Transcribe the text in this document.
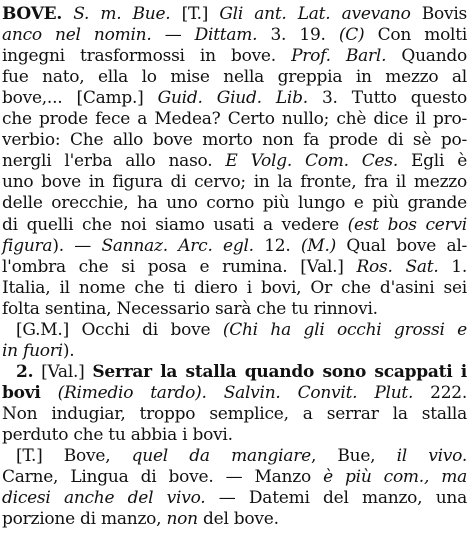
BOVE. S. m. Bue. [T.] Gli ant. Lat. avevano Bovis
anco nel nomin. — Dittam. 3. 19. (C) Con molti
ingegni trasformossi in bove. Prof. Barl. Quando
fue nato, ella lo mise nella greppia in mezzo al
bove,... [Camp.] Guid. Giud. Lib. 3. Tutto questo
che prode fece a Medea? Certo nullo; chè dice il pro-
verbio: Che allo bove morto non fa prode di sè po-
nergli l'erba allo naso. E Volg. Com. Ces. Egli è
uno bove in figura di cervo; in la fronte, fra il mezzo
delle orecchie, ha uno corno più lungo e più grande
di quelli che noi siamo usati a vedere (est bos cervi
figura). — Sannaz. Arc. egl. 12. (M.) Qual bove al-
l'ombra che si posa e rumina. [Val.] Ros. Sat. 1.
Italia, il nome che ti diero i bovi, Or che d'asini sei
folta sentina, Necessario sarà che tu rinnovi.
[G.M.] Occhi di bove (Chi ha gli occhi grossi e
in fuori).
2. [Val.] Serrar la stalla quando sono scappati i
bovi (Rimedio tardo). Salvin. Convit. Plut. 222.
Non indugiar, troppo semplice, a serrar la stalla
perduto che tu abbia i bovi.
[T.] Bove, quel da mangiare, Bue, il vivo.
Carne, Lingua di bove. — Manzo è più com., ma
dicesi anche del vivo. — Datemi del manzo, una
porzione di manzo, non del bove.
